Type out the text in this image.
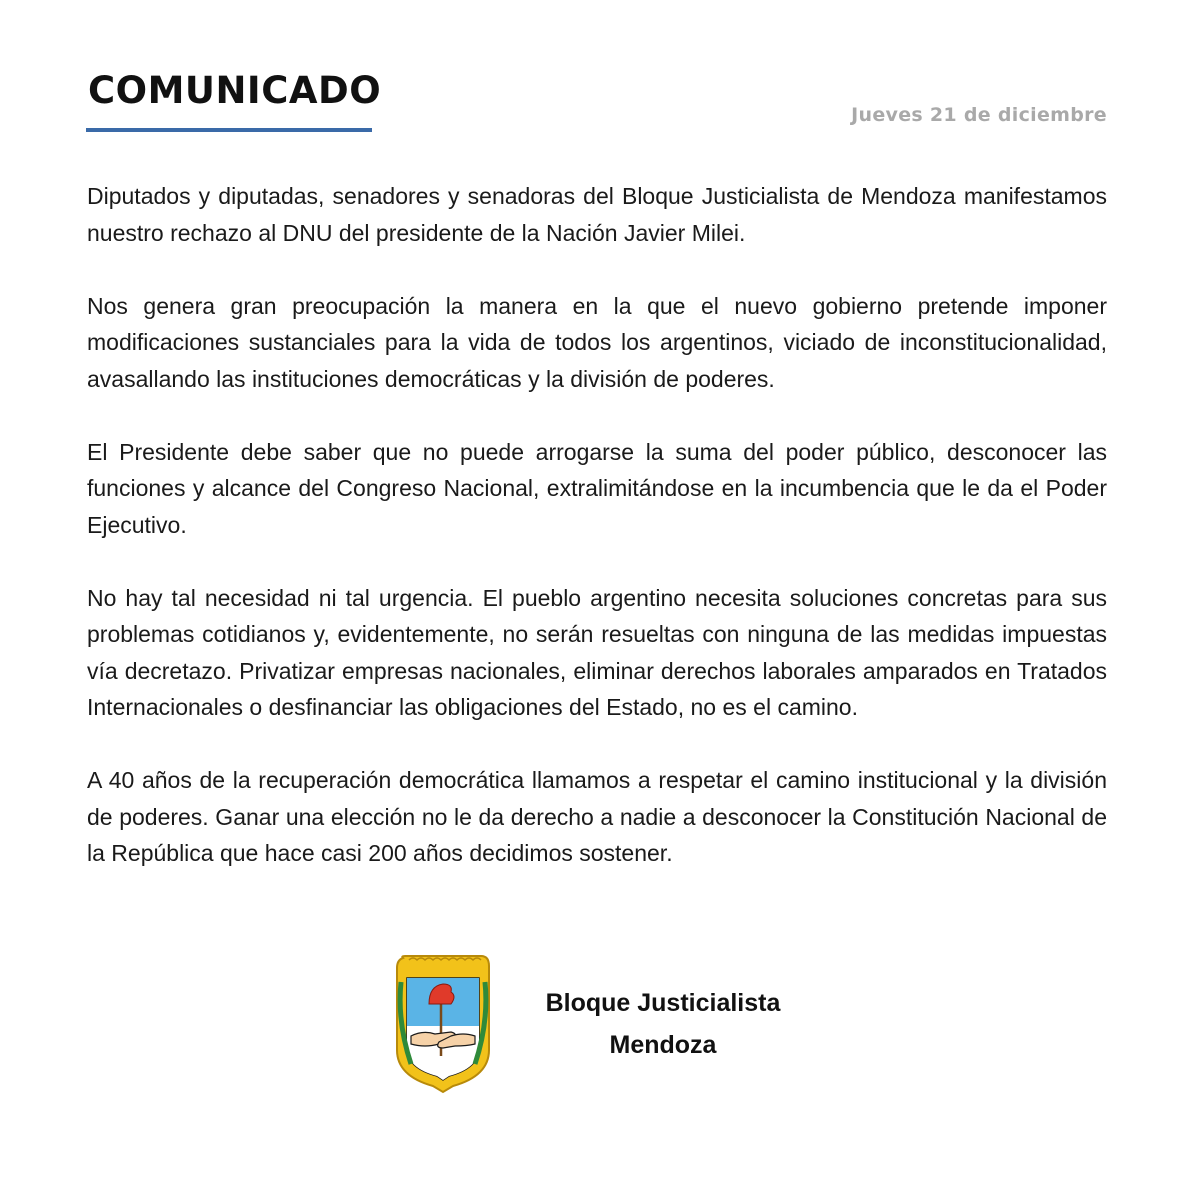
COMUNICADO
Jueves 21 de diciembre

Diputados y diputadas, senadores y senadoras del Bloque Justicialista de Mendoza manifestamos nuestro rechazo al DNU del presidente de la Nación Javier Milei.

Nos genera gran preocupación la manera en la que el nuevo gobierno pretende imponer modificaciones sustanciales para la vida de todos los argentinos, viciado de inconstitucionalidad, avasallando las instituciones democráticas y la división de poderes.

El Presidente debe saber que no puede arrogarse la suma del poder público, desconocer las funciones y alcance del Congreso Nacional, extralimitándose en la incumbencia que le da el Poder Ejecutivo.

No hay tal necesidad ni tal urgencia. El pueblo argentino necesita soluciones concretas para sus problemas cotidianos y, evidentemente, no serán resueltas con ninguna de las medidas impuestas vía decretazo. Privatizar empresas nacionales, eliminar derechos laborales amparados en Tratados Internacionales o desfinanciar las obligaciones del Estado, no es el camino.

A 40 años de la recuperación democrática llamamos a respetar el camino institucional y la división de poderes. Ganar una elección no le da derecho a nadie a desconocer la Constitución Nacional de la República que hace casi 200 años decidimos sostener.

Bloque Justicialista
Mendoza
